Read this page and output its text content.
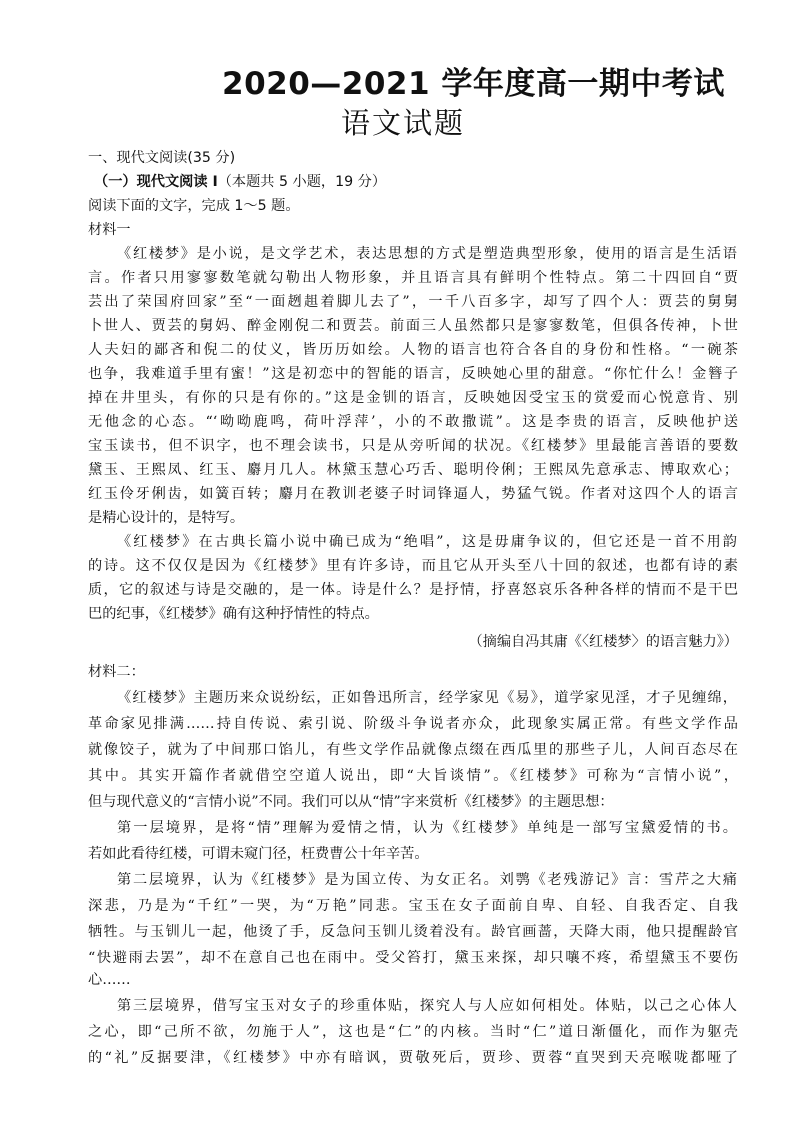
2020—2021 学年度高一期中考试
语文试题
一、现代文阅读(35 分)
（一）现代文阅读 I（本题共 5 小题，19 分）
阅读下面的文字，完成 1～5 题。
材料一
《红楼梦》是小说，是文学艺术，表达思想的方式是塑造典型形象，使用的语言是生活语
言。作者只用寥寥数笔就勾勒出人物形象，并且语言具有鲜明个性特点。第二十四回自“贾
芸出了荣国府回家”至“一面趔趄着脚儿去了”，一千八百多字，却写了四个人：贾芸的舅舅
卜世人、贾芸的舅妈、醉金刚倪二和贾芸。前面三人虽然都只是寥寥数笔，但俱各传神，卜世
人夫妇的鄙吝和倪二的仗义，皆历历如绘。人物的语言也符合各自的身份和性格。“一碗茶
也争，我难道手里有蜜！”这是初恋中的智能的语言，反映她心里的甜意。“你忙什么！金簪子
掉在井里头，有你的只是有你的。”这是金钏的语言，反映她因受宝玉的赏爱而心悦意肯、别
无他念的心态。“‘呦呦鹿鸣，荷叶浮萍’，小的不敢撒谎”。这是李贵的语言，反映他护送
宝玉读书，但不识字，也不理会读书，只是从旁听闻的状况。《红楼梦》里最能言善语的要数
黛玉、王熙凤、红玉、麝月几人。林黛玉慧心巧舌、聪明伶俐；王熙凤先意承志、博取欢心；
红玉伶牙俐齿，如簧百转；麝月在教训老婆子时词锋逼人，势猛气锐。作者对这四个人的语言
是精心设计的，是特写。
《红楼梦》在古典长篇小说中确已成为“绝唱”，这是毋庸争议的，但它还是一首不用韵
的诗。这不仅仅是因为《红楼梦》里有许多诗，而且它从开头至八十回的叙述，也都有诗的素
质，它的叙述与诗是交融的，是一体。诗是什么？是抒情，抒喜怒哀乐各种各样的情而不是干巴
巴的纪事，《红楼梦》确有这种抒情性的特点。
（摘编自冯其庸《〈红楼梦〉的语言魅力》）
材料二：
《红楼梦》主题历来众说纷纭，正如鲁迅所言，经学家见《易》，道学家见淫，才子见缠绵，
革命家见排满……持自传说、索引说、阶级斗争说者亦众，此现象实属正常。有些文学作品
就像饺子，就为了中间那口馅儿，有些文学作品就像点缀在西瓜里的那些子儿，人间百态尽在
其中。其实开篇作者就借空空道人说出，即“大旨谈情”。《红楼梦》可称为“言情小说”，
但与现代意义的“言情小说”不同。我们可以从“情”字来赏析《红楼梦》的主题思想：
第一层境界，是将“情”理解为爱情之情，认为《红楼梦》单纯是一部写宝黛爱情的书。
若如此看待红楼，可谓未窥门径，枉费曹公十年辛苦。
第二层境界，认为《红楼梦》是为国立传、为女正名。刘鹗《老残游记》言：雪芹之大痛
深悲，乃是为“千红”一哭，为“万艳”同悲。宝玉在女子面前自卑、自轻、自我否定、自我
牺牲。与玉钏儿一起，他烫了手，反急问玉钏儿烫着没有。龄官画蔷，天降大雨，他只提醒龄官
“快避雨去罢”，却不在意自己也在雨中。受父笞打，黛玉来探，却只嚷不疼，希望黛玉不要伤
心……
第三层境界，借写宝玉对女子的珍重体贴，探究人与人应如何相处。体贴，以己之心体人
之心，即“己所不欲，勿施于人”，这也是“仁”的内核。当时“仁”道日渐僵化，而作为躯壳
的“礼”反据要津，《红楼梦》中亦有暗讽，贾敬死后，贾珍、贾蓉“直哭到天亮喉咙都哑了
